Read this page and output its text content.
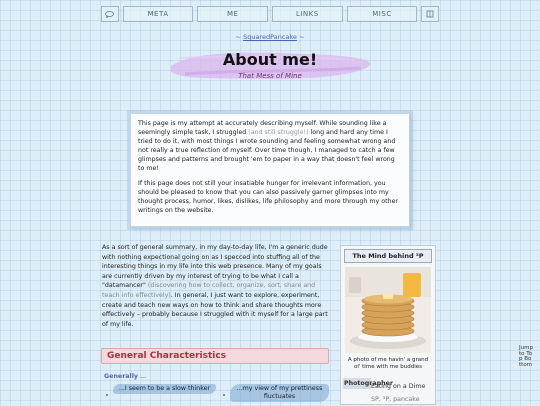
META	ME	LINKS	MISC
~ SquaredPancake ~
About me!
That Mess of Mine

This page is my attempt at accurately describing myself. While sounding like a seemingly simple task, I struggled (and still struggle!) long and hard any time I tried to do it, with most things I wrote sounding and feeling somewhat wrong and not really a true reflection of myself. Over time though, I managed to catch a few glimpses and patterns and brought 'em to paper in a way that doesn't feel wrong to me!

If this page does not still your insatiable hunger for irrelevant information, you should be pleased to know that you can also passively garner glimpses into my thought process, humor, likes, dislikes, life philosophy and more through my other writings on the website.

As a sort of general summary, in my day-to-day life, I'm a generic dude with nothing expectional going on as I specced into stuffing all of the interesting things in my life into this web presence. Many of my goals are currently driven by my interest of trying to be what I call a "datamancer" (discovering how to collect, organize, sort, share and teach info effectively). In general, I just want to explore, experiment, create and teach new ways on how to think and share thoughts more effectively – probably because I struggled with it myself for a large part of my life.
General Characteristics
Generally ...
...I seem to be a slow thinker	...my view of my prettiness fluctuates
The Mind behind ³P
A photo of me havin' a grand ol' time with me buddies
Photographer
Eating on a Dime
SP, ³P, pancake
Jump to Top Bottom
